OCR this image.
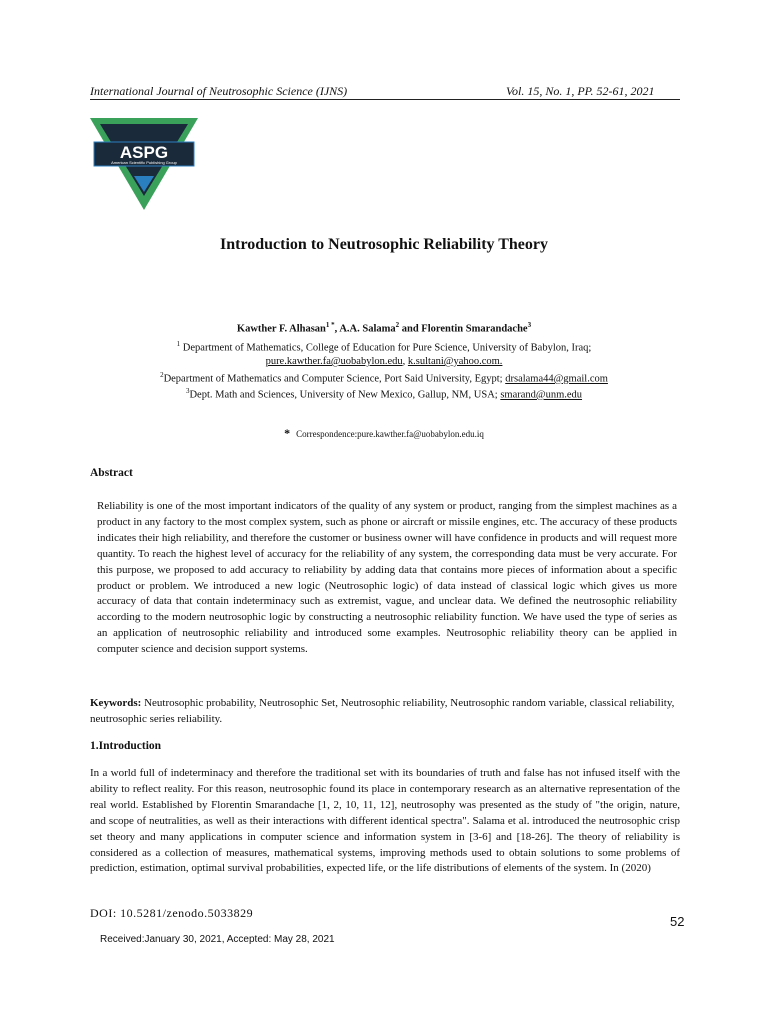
International Journal of Neutrosophic Science (IJNS)	Vol. 15, No. 1, PP. 52-61, 2021
ASPG
American Scientific Publishing Group
Introduction to Neutrosophic Reliability Theory
Kawther F. Alhasan$^{1 *}$, A.A. Salama$^2$ and Florentin Smarandache$^3$
$^1$ Department of Mathematics, College of Education for Pure Science, University of Babylon, Iraq;
pure.kawther.fa@uobabylon.edu, k.sultani@yahoo.com.
$^2$Department of Mathematics and Computer Science, Port Said University, Egypt; drsalama44@gmail.com
$^3$Dept. Math and Sciences, University of New Mexico, Gallup, NM, USA; smarand@unm.edu
* Correspondence:pure.kawther.fa@uobabylon.edu.iq
Abstract

Reliability is one of the most important indicators of the quality of any system or product, ranging from the simplest machines as a product in any factory to the most complex system, such as phone or aircraft or missile engines, etc. The accuracy of these products indicates their high reliability, and therefore the customer or business owner will have confidence in products and will request more quantity. To reach the highest level of accuracy for the reliability of any system, the corresponding data must be very accurate. For this purpose, we proposed to add accuracy to reliability by adding data that contains more pieces of information about a specific product or problem. We introduced a new logic (Neutrosophic logic) of data instead of classical logic which gives us more accuracy of data that contain indeterminacy such as extremist, vague, and unclear data. We defined the neutrosophic reliability according to the modern neutrosophic logic by constructing a neutrosophic reliability function. We have used the type of series as an application of neutrosophic reliability and introduced some examples. Neutrosophic reliability theory can be applied in computer science and decision support systems.

Keywords: Neutrosophic probability, Neutrosophic Set, Neutrosophic reliability, Neutrosophic random variable, classical reliability, neutrosophic series reliability.

1.Introduction

In a world full of indeterminacy and therefore the traditional set with its boundaries of truth and false has not infused itself with the ability to reflect reality. For this reason, neutrosophic found its place in contemporary research as an alternative representation of the real world. Established by Florentin Smarandache [1, 2, 10, 11, 12], neutrosophy was presented as the study of "the origin, nature, and scope of neutralities, as well as their interactions with different identical spectra". Salama et al. introduced the neutrosophic crisp set theory and many applications in computer science and information system in [3-6] and [18-26]. The theory of reliability is considered as a collection of measures, mathematical systems, improving methods used to obtain solutions to some problems of prediction, estimation, optimal survival probabilities, expected life, or the life distributions of elements of the system. In (2020)

DOI: 10.5281/zenodo.5033829
52
Received:January 30, 2021, Accepted: May 28, 2021
